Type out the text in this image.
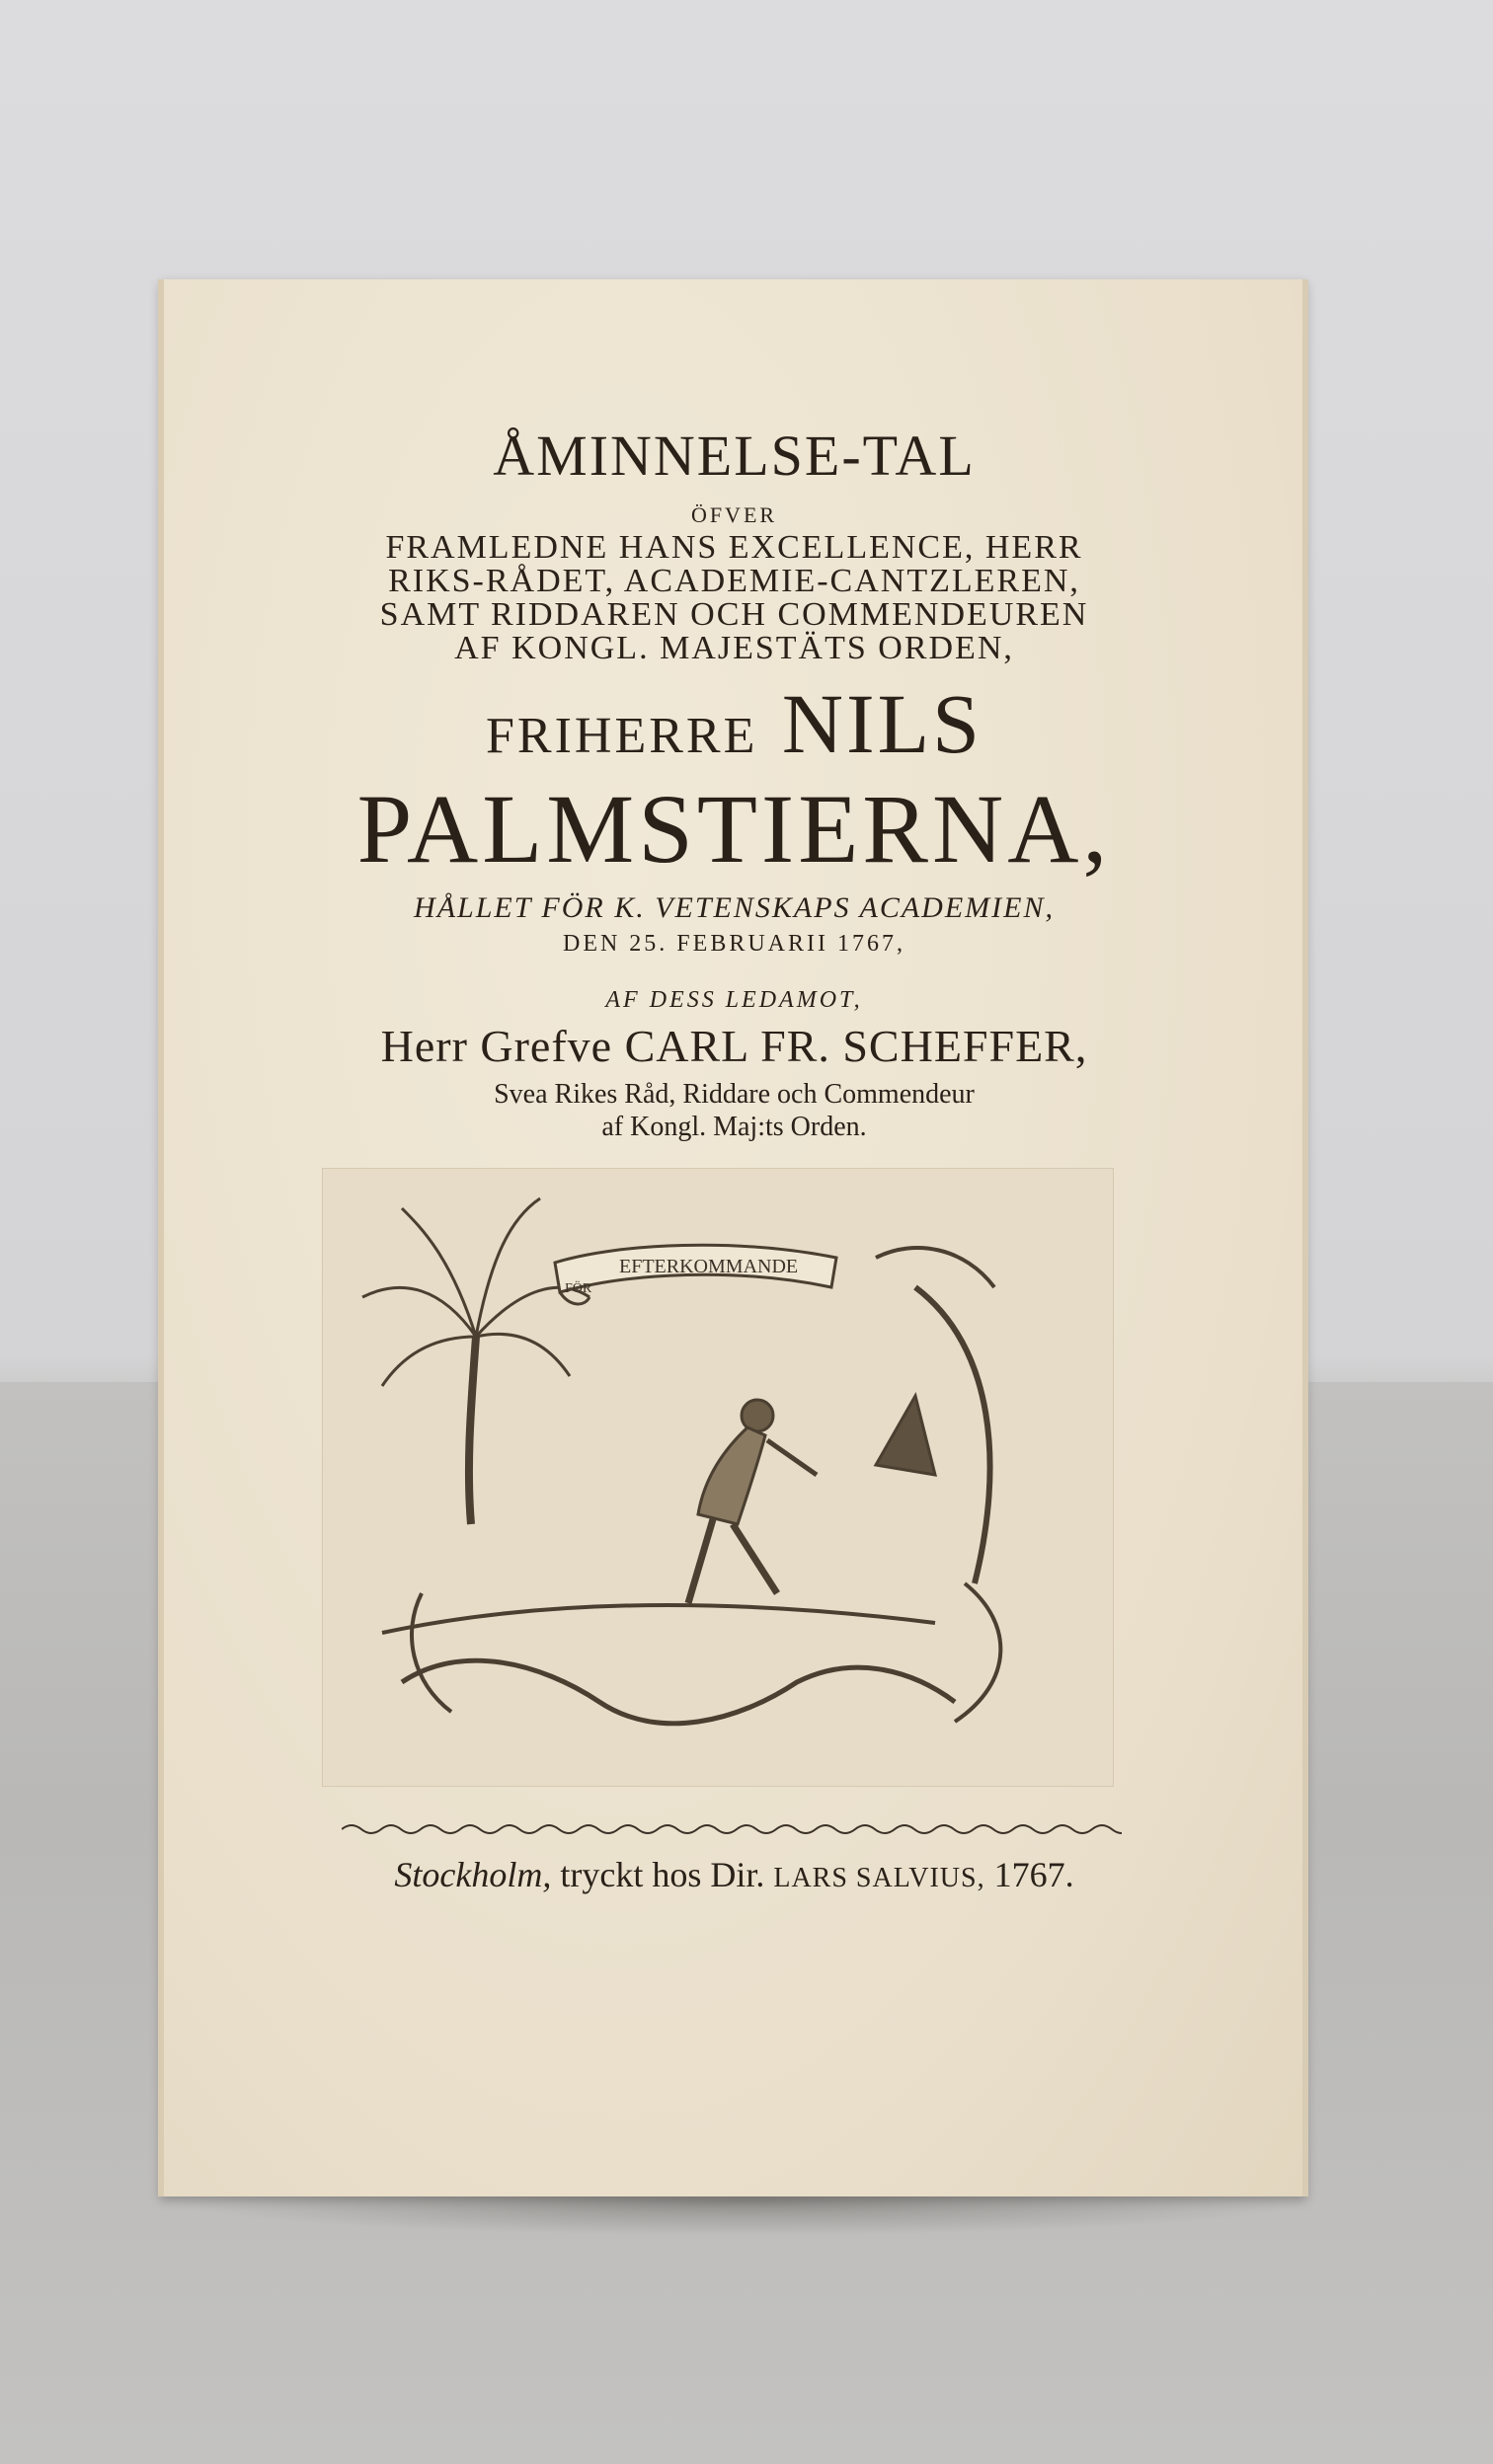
ÅMINNELSE-TAL
ÖFVER
FRAMLEDNE HANS EXCELLENCE, HERR
RIKS-RÅDET, ACADEMIE-CANTZLEREN,
SAMT RIDDAREN OCH COMMENDEUREN
AF KONGL. MAJESTÄTS ORDEN,
FRIHERRE NILS
PALMSTIERNA,
HÅLLET FÖR K. VETENSKAPS ACADEMIEN,
DEN 25. FEBRUARII 1767,
AF DESS LEDAMOT,
Herr Grefve CARL FR. SCHEFFER,
Svea Rikes Råd, Riddare och Commendeur
af Kongl. Maj:ts Orden.
EFTERKOMMANDE
FÖR
Stockholm, tryckt hos Dir. LARS SALVIUS, 1767.
